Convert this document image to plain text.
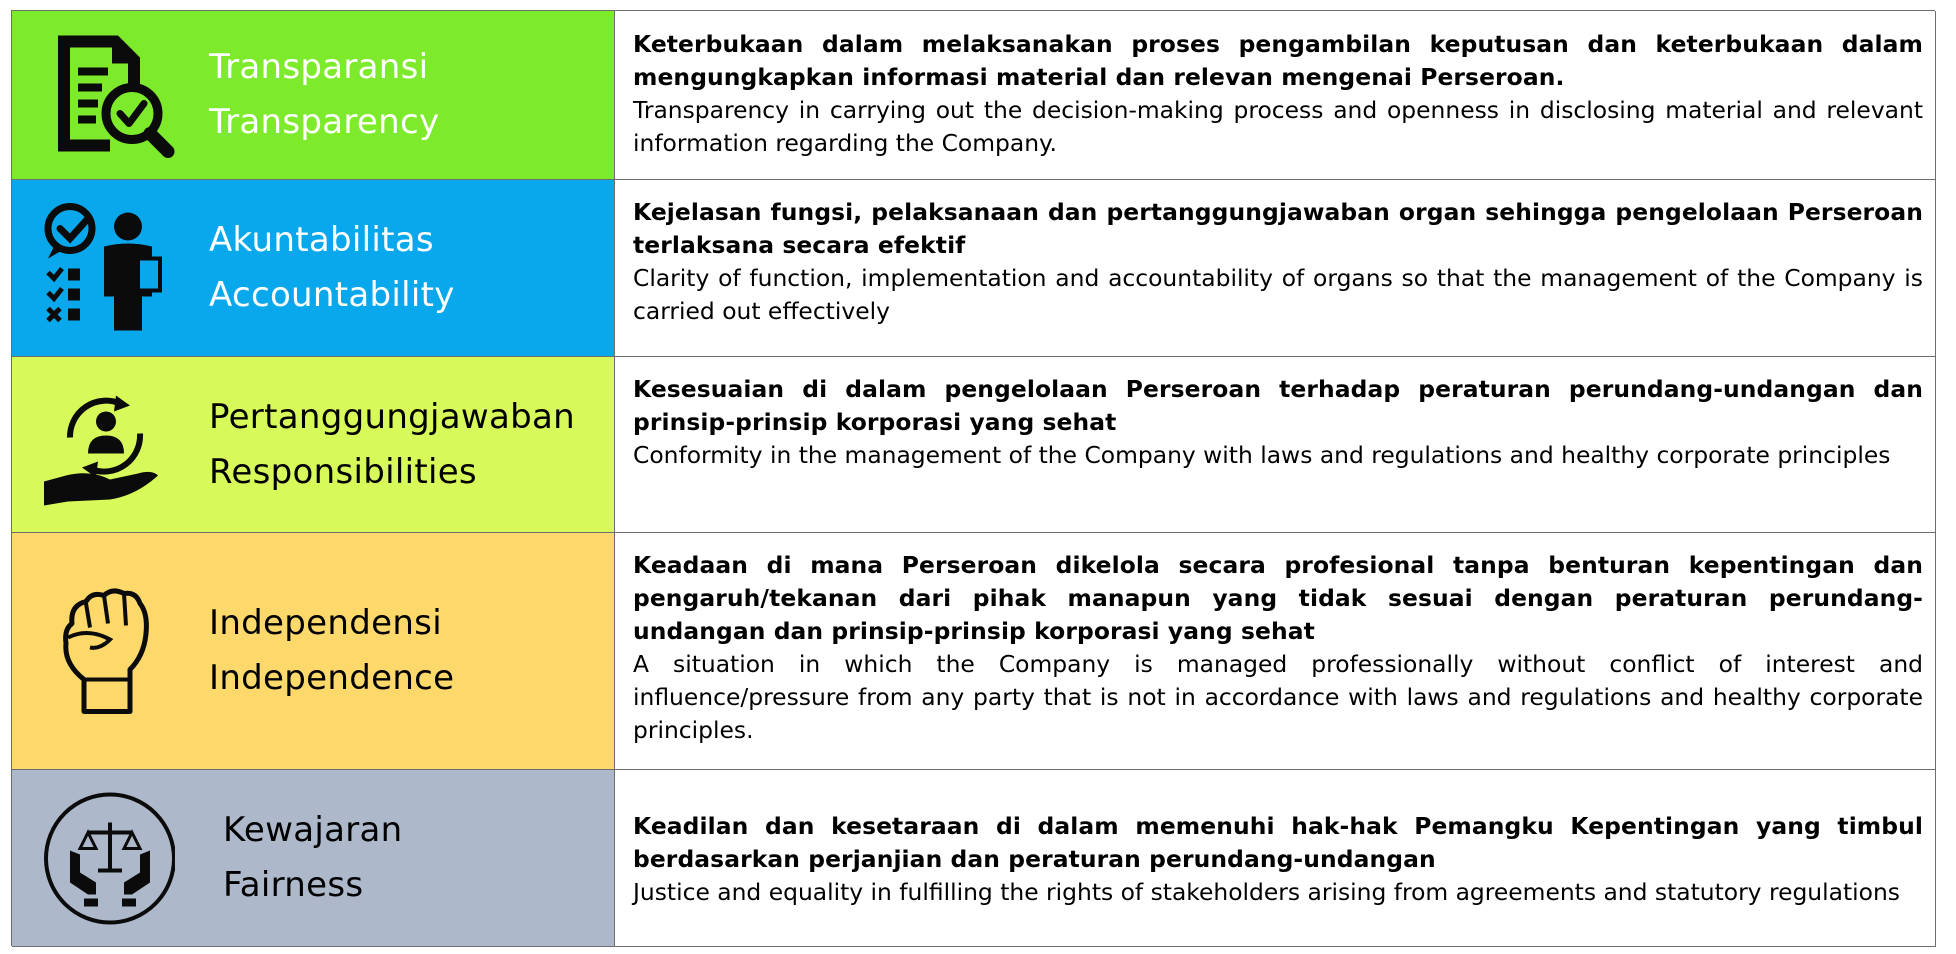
Transparansi
Transparency
Keterbukaan dalam melaksanakan proses pengambilan keputusan dan keterbukaan dalam mengungkapkan informasi material dan relevan mengenai Perseroan.
Transparency in carrying out the decision-making process and openness in disclosing material and relevant information regarding the Company.
Akuntabilitas
Accountability
Kejelasan fungsi, pelaksanaan dan pertanggungjawaban organ sehingga pengelolaan Perseroan terlaksana secara efektif
Clarity of function, implementation and accountability of organs so that the management of the Company is carried out effectively
Pertanggungjawaban
Responsibilities
Kesesuaian di dalam pengelolaan Perseroan terhadap peraturan perundang-undangan dan prinsip-prinsip korporasi yang sehat
Conformity in the management of the Company with laws and regulations and healthy corporate principles
Independensi
Independence
Keadaan di mana Perseroan dikelola secara profesional tanpa benturan kepentingan dan pengaruh/tekanan dari pihak manapun yang tidak sesuai dengan peraturan perundang-undangan dan prinsip-prinsip korporasi yang sehat
A situation in which the Company is managed professionally without conflict of interest and influence/pressure from any party that is not in accordance with laws and regulations and healthy corporate principles.
Kewajaran
Fairness
Keadilan dan kesetaraan di dalam memenuhi hak-hak Pemangku Kepentingan yang timbul berdasarkan perjanjian dan peraturan perundang-undangan
Justice and equality in fulfilling the rights of stakeholders arising from agreements and statutory regulations
